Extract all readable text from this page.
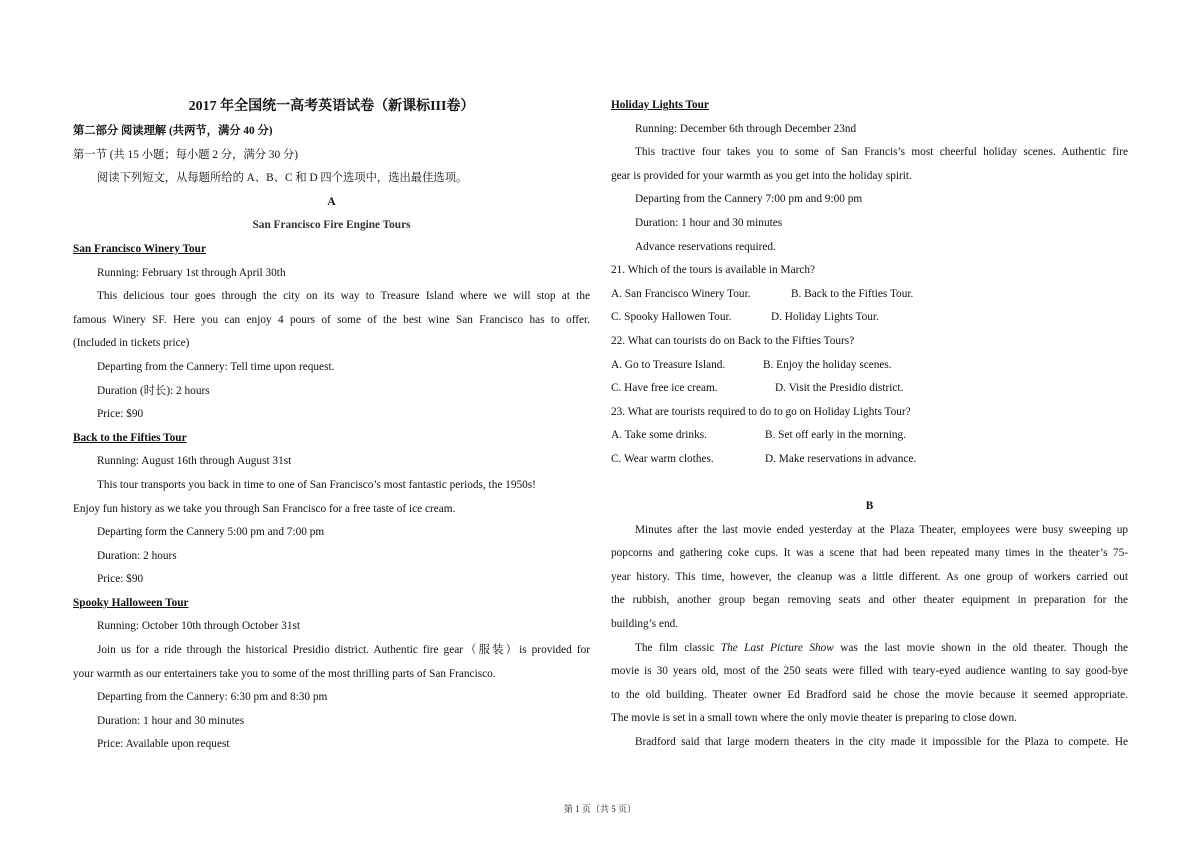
2017 年全国统一高考英语试卷（新课标III卷）
第二部分 阅读理解 (共两节，满分 40 分)
第一节 (共 15 小题；每小题 2 分，满分 30 分)
阅读下列短文，从每题所给的 A、B、C 和 D 四个选项中，选出最佳选项。
A
San Francisco Fire Engine Tours
San Francisco Winery Tour
Running: February 1st through April 30th
This delicious tour goes through the city on its way to Treasure Island where we will stop at the
famous Winery SF. Here you can enjoy 4 pours of some of the best wine San Francisco has to offer.
(Included in tickets price)
Departing from the Cannery: Tell time upon request.
Duration (时长): 2 hours
Price: $90
Back to the Fifties Tour
Running: August 16th through August 31st
This tour transports you back in time to one of San Francisco’s most fantastic periods, the 1950s!
Enjoy fun history as we take you through San Francisco for a free taste of ice cream.
Departing form the Cannery 5:00 pm and 7:00 pm
Duration: 2 hours
Price: $90
Spooky Halloween Tour
Running: October 10th through October 31st
Join us for a ride through the historical Presidio district. Authentic fire gear（服装）is provided for
your warmth as our entertainers take you to some of the most thrilling parts of San Francisco.
Departing from the Cannery: 6:30 pm and 8:30 pm
Duration: 1 hour and 30 minutes
Price: Available upon request
Holiday Lights Tour
Running: December 6th through December 23nd
This tractive four takes you to some of San Francis’s most cheerful holiday scenes. Authentic fire
gear is provided for your warmth as you get into the holiday spirit.
Departing from the Cannery 7:00 pm and 9:00 pm
Duration: 1 hour and 30 minutes
Advance reservations required.
21. Which of the tours is available in March?
A. San Francisco Winery Tour.	B. Back to the Fifties Tour.
C. Spooky Hallowen Tour.	D. Holiday Lights Tour.
22. What can tourists do on Back to the Fifties Tours?
A. Go to Treasure Island.	B. Enjoy the holiday scenes.
C. Have free ice cream.	D. Visit the Presidio district.
23. What are tourists required to do to go on Holiday Lights Tour?
A. Take some drinks.	B. Set off early in the morning.
C. Wear warm clothes.	D. Make reservations in advance.
B
Minutes after the last movie ended yesterday at the Plaza Theater, employees were busy sweeping up
popcorns and gathering coke cups. It was a scene that had been repeated many times in the theater’s 75-
year history. This time, however, the cleanup was a little different. As one group of workers carried out
the rubbish, another group began removing seats and other theater equipment in preparation for the
building’s end.
The film classic The Last Picture Show was the last movie shown in the old theater. Though the
movie is 30 years old, most of the 250 seats were filled with teary-eyed audience wanting to say good-bye
to the old building. Theater owner Ed Bradford said he chose the movie because it seemed appropriate.
The movie is set in a small town where the only movie theater is preparing to close down.
Bradford said that large modern theaters in the city made it impossible for the Plaza to compete. He
第 1 页（共 5 页）
